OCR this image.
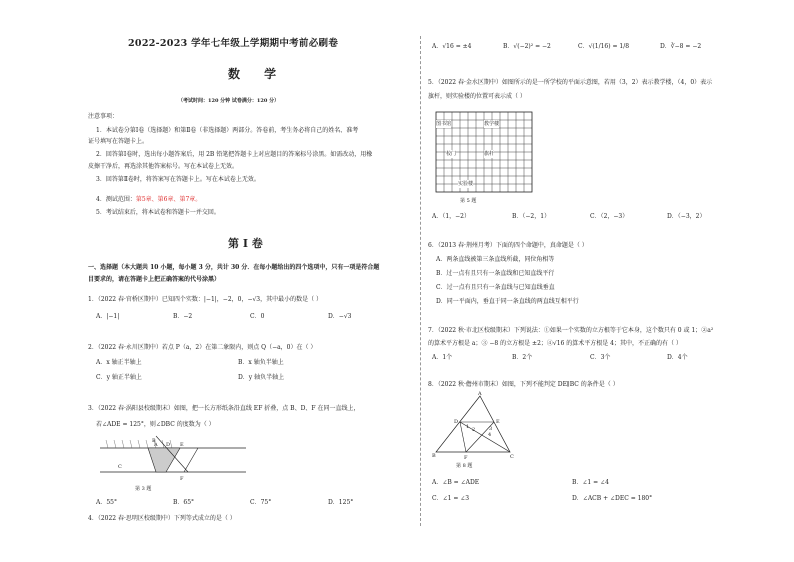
2022-2023 学年七年级上学期期中考前必刷卷
数 学
（考试时间：120 分钟 试卷满分：120 分）
注意事项：
1．本试卷分第Ⅰ卷（选择题）和第Ⅱ卷（非选择题）两部分。答卷前，考生务必将自己的姓名、准考
证号填写在答题卡上。
2．回答第Ⅰ卷时，选出每小题答案后，用 2B 铅笔把答题卡上对应题目的答案标号涂黑。如需改动，用橡
皮擦干净后，再选涂其他答案标号。写在本试卷上无效。
3．回答第Ⅱ卷时，将答案写在答题卡上。写在本试卷上无效。
4．测试范围：第5章、第6章、第7章。
5．考试结束后，将本试卷和答题卡一并交回。
第 I 卷
一、选择题（本大题共 10 小题，每小题 3 分，共计 30 分．在每小题给出的四个选项中，只有一项是符合题
目要求的，请在答题卡上把正确答案的代号涂黑）
1．（2022 春·官桥区期中）已知四个实数：|−1|，−2，0，−√3，其中最小的数是（ ）
A．|−1|	B．−2	C．0	D．−√3
2．（2022 春·永川区期中）若点 P（a，2）在第二象限内，则点 Q（−a，0）在（ ）
A．x 轴正半轴上	B．x 轴负半轴上
C．y 轴正半轴上	D．y 轴负半轴上
3．（2022 春·涡阳县校级期末）如图，把一长方形纸条沿直线 EF 折叠，点 B、D、F 在同一直线上，
若∠ADE = 125°，则∠DBC 的度数为（ ）
B
A D E
C
F
第 3 题
A．55°	B．65°	C．75°	D．125°
4．（2022 春·思明区校级期中）下列等式成立的是（ ）
A．√16 = ±4	B．√(−2)² = −2	C．√(1/16) = 1/8	D．∛−8 = −2
5．（2022 春·金水区期中）如图所示的是一所学校的平面示意图，若用（3，2）表示教学楼，（4，0）表示
旗杆，则实验楼的位置可表示成（ ）
图书馆	教学楼
校门	旗杆
实验楼
第 5 题
A．（1，−2）	B．（−2，1）	C．（2，−3）	D．（−3，2）
6．（2013 春·荆州月考）下面的四个命题中，真命题是（ ）
A．两条直线被第三条直线所截，同位角相等
B．过一点有且只有一条直线和已知直线平行
C．过一点有且只有一条直线与已知直线垂直
D．同一平面内，垂直于同一条直线的两直线互相平行
7．（2022 秋·市北区校级期末）下列说法：①如果一个实数的立方根等于它本身，这个数只有 0 或 1；②a²
的算术平方根是 a；③ −8 的立方根是 ±2；④√16 的算术平方根是 4；其中，不正确的有（ ）
A．1个	B．2个	C．3个	D．4个
8．（2022 秋·儋州市期末）如图，下列不能判定 DE∥BC 的条件是（ ）
A
D	E
B	F	C
1 2	3
4
第 8 题
A．∠B = ∠ADE	B．∠1 = ∠4
C．∠1 = ∠3	D．∠ACB + ∠DEC = 180°
